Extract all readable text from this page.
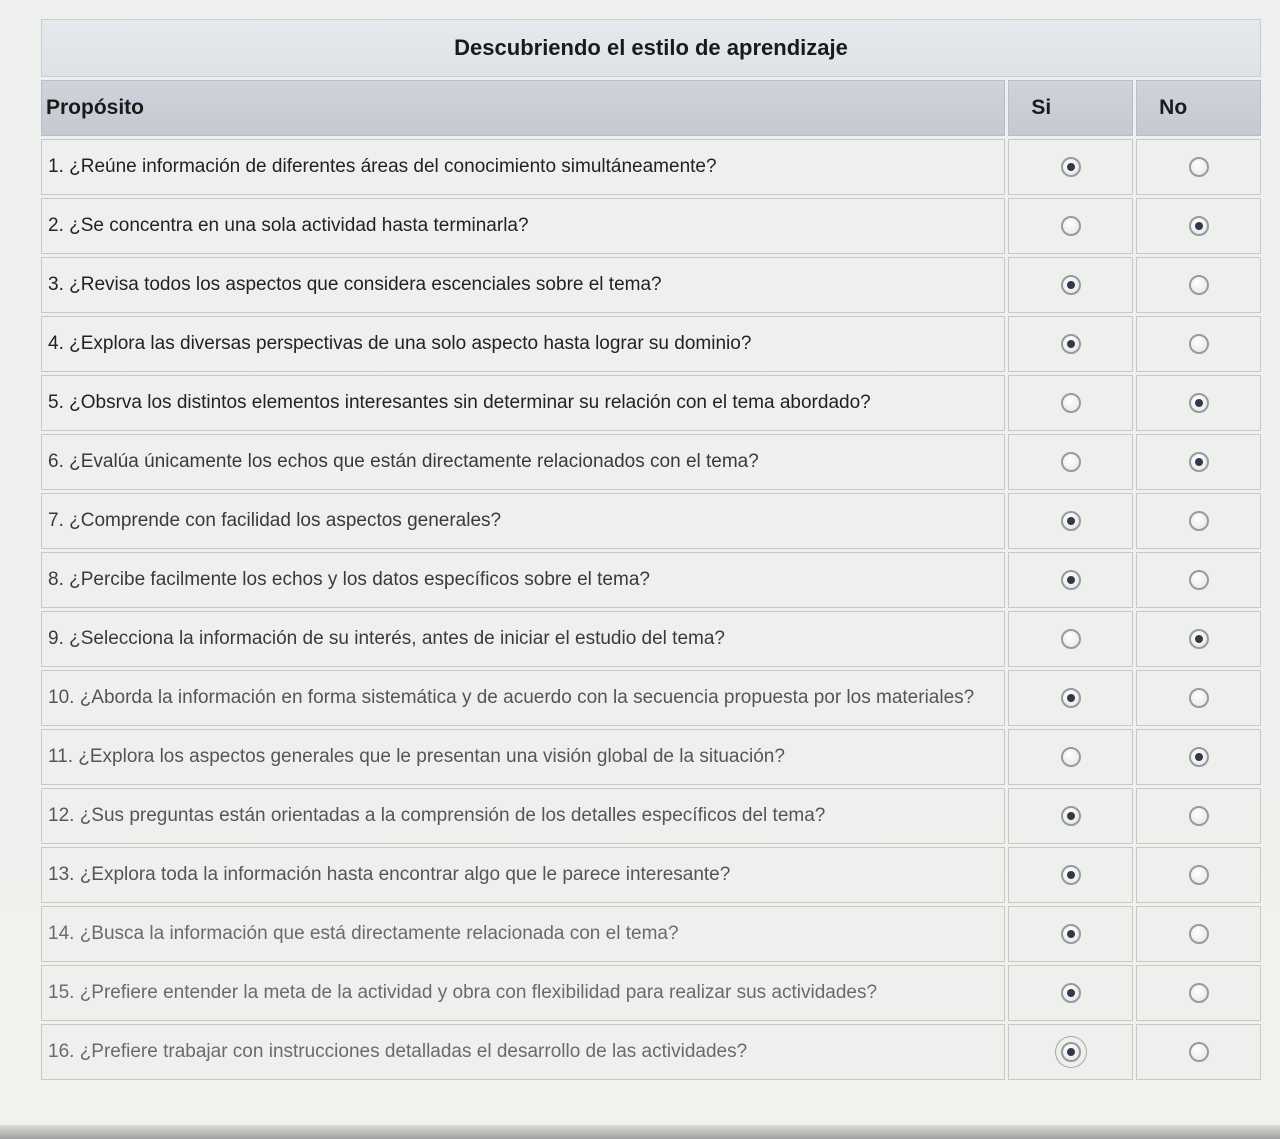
Descubriendo el estilo de aprendizaje		
Propósito	Si	No
1. ¿Reúne información de diferentes áreas del conocimiento simultáneamente?		
2. ¿Se concentra en una sola actividad hasta terminarla?		
3. ¿Revisa todos los aspectos que considera escenciales sobre el tema?		
4. ¿Explora las diversas perspectivas de una solo aspecto hasta lograr su dominio?		
5. ¿Obsrva los distintos elementos interesantes sin determinar su relación con el tema abordado?		
6. ¿Evalúa únicamente los echos que están directamente relacionados con el tema?		
7. ¿Comprende con facilidad los aspectos generales?		
8. ¿Percibe facilmente los echos y los datos específicos sobre el tema?		
9. ¿Selecciona la información de su interés, antes de iniciar el estudio del tema?		
10. ¿Aborda la información en forma sistemática y de acuerdo con la secuencia propuesta por los materiales?		
11. ¿Explora los aspectos generales que le presentan una visión global de la situación?		
12. ¿Sus preguntas están orientadas a la comprensión de los detalles específicos del tema?		
13. ¿Explora toda la información hasta encontrar algo que le parece interesante?		
14. ¿Busca la información que está directamente relacionada con el tema?		
15. ¿Prefiere entender la meta de la actividad y obra con flexibilidad para realizar sus actividades?		
16. ¿Prefiere trabajar con instrucciones detalladas el desarrollo de las actividades?		
